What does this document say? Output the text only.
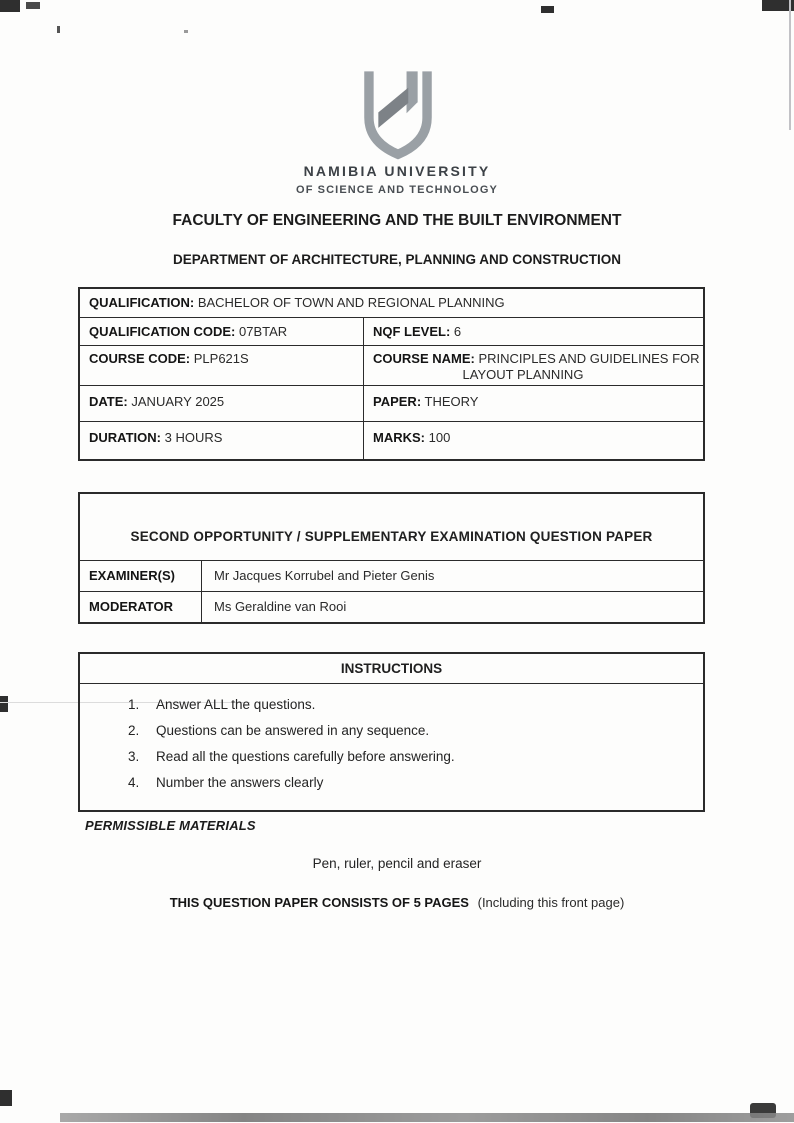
NAMIBIA UNIVERSITY
OF SCIENCE AND TECHNOLOGY
FACULTY OF ENGINEERING AND THE BUILT ENVIRONMENT
DEPARTMENT OF ARCHITECTURE, PLANNING AND CONSTRUCTION
QUALIFICATION: BACHELOR OF TOWN AND REGIONAL PLANNING
QUALIFICATION CODE: 07BTAR	NQF LEVEL: 6
COURSE CODE: PLP621S	COURSE NAME: PRINCIPLES AND GUIDELINES FOR
LAYOUT PLANNING
DATE: JANUARY 2025	PAPER: THEORY
DURATION: 3 HOURS	MARKS: 100
SECOND OPPORTUNITY / SUPPLEMENTARY EXAMINATION QUESTION PAPER
EXAMINER(S)	Mr Jacques Korrubel and Pieter Genis
MODERATOR	Ms Geraldine van Rooi
INSTRUCTIONS
Answer ALL the questions.
Questions can be answered in any sequence.
Read all the questions carefully before answering.
Number the answers clearly
PERMISSIBLE MATERIALS
Pen, ruler, pencil and eraser
THIS QUESTION PAPER CONSISTS OF 5 PAGES (Including this front page)
